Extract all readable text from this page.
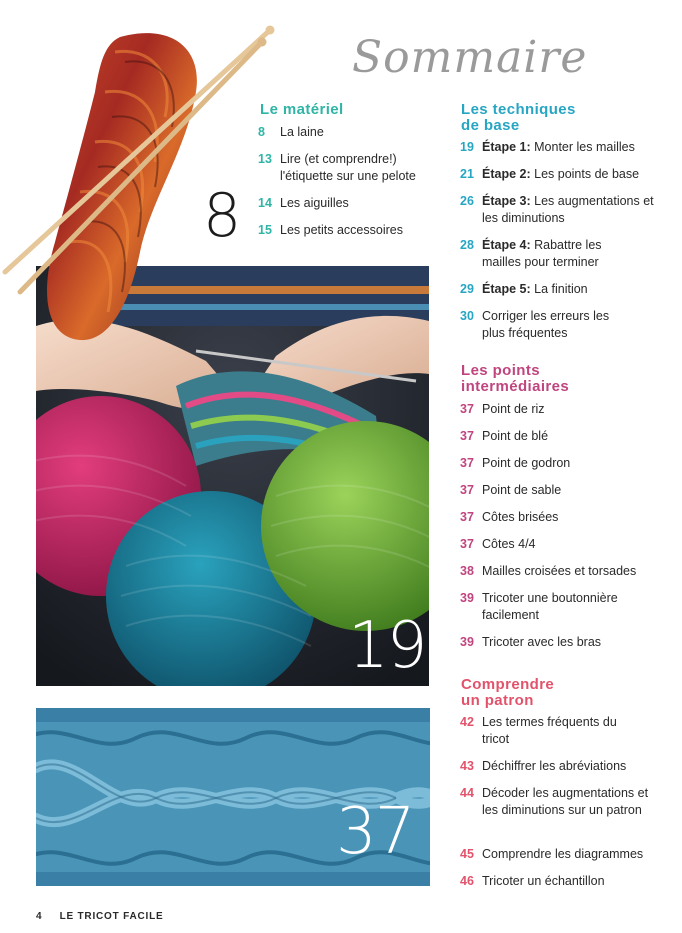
Sommaire
19
8
37
Le matériel
8	La laine
13 Lire (et comprendre!) l'étiquette sur une pelote
14 Les aiguilles
15 Les petits accessoires
Les techniques
de base
19 Étape 1: Monter les mailles
21 Étape 2: Les points de base
26 Étape 3: Les augmentations et les diminutions
28 Étape 4: Rabattre les mailles pour terminer
29 Étape 5: La finition
30 Corriger les erreurs les plus fréquentes
Les points
intermédiaires
37 Point de riz
37 Point de blé
37 Point de godron
37 Point de sable
37 Côtes brisées
37 Côtes 4/4
38 Mailles croisées et torsades
39 Tricoter une boutonnière facilement
39 Tricoter avec les bras
Comprendre
un patron
42 Les termes fréquents du tricot
43 Déchiffrer les abréviations
44 Décoder les augmentations et les diminutions sur un patron
45 Comprendre les diagrammes
46 Tricoter un échantillon
4 LE TRICOT FACILE
